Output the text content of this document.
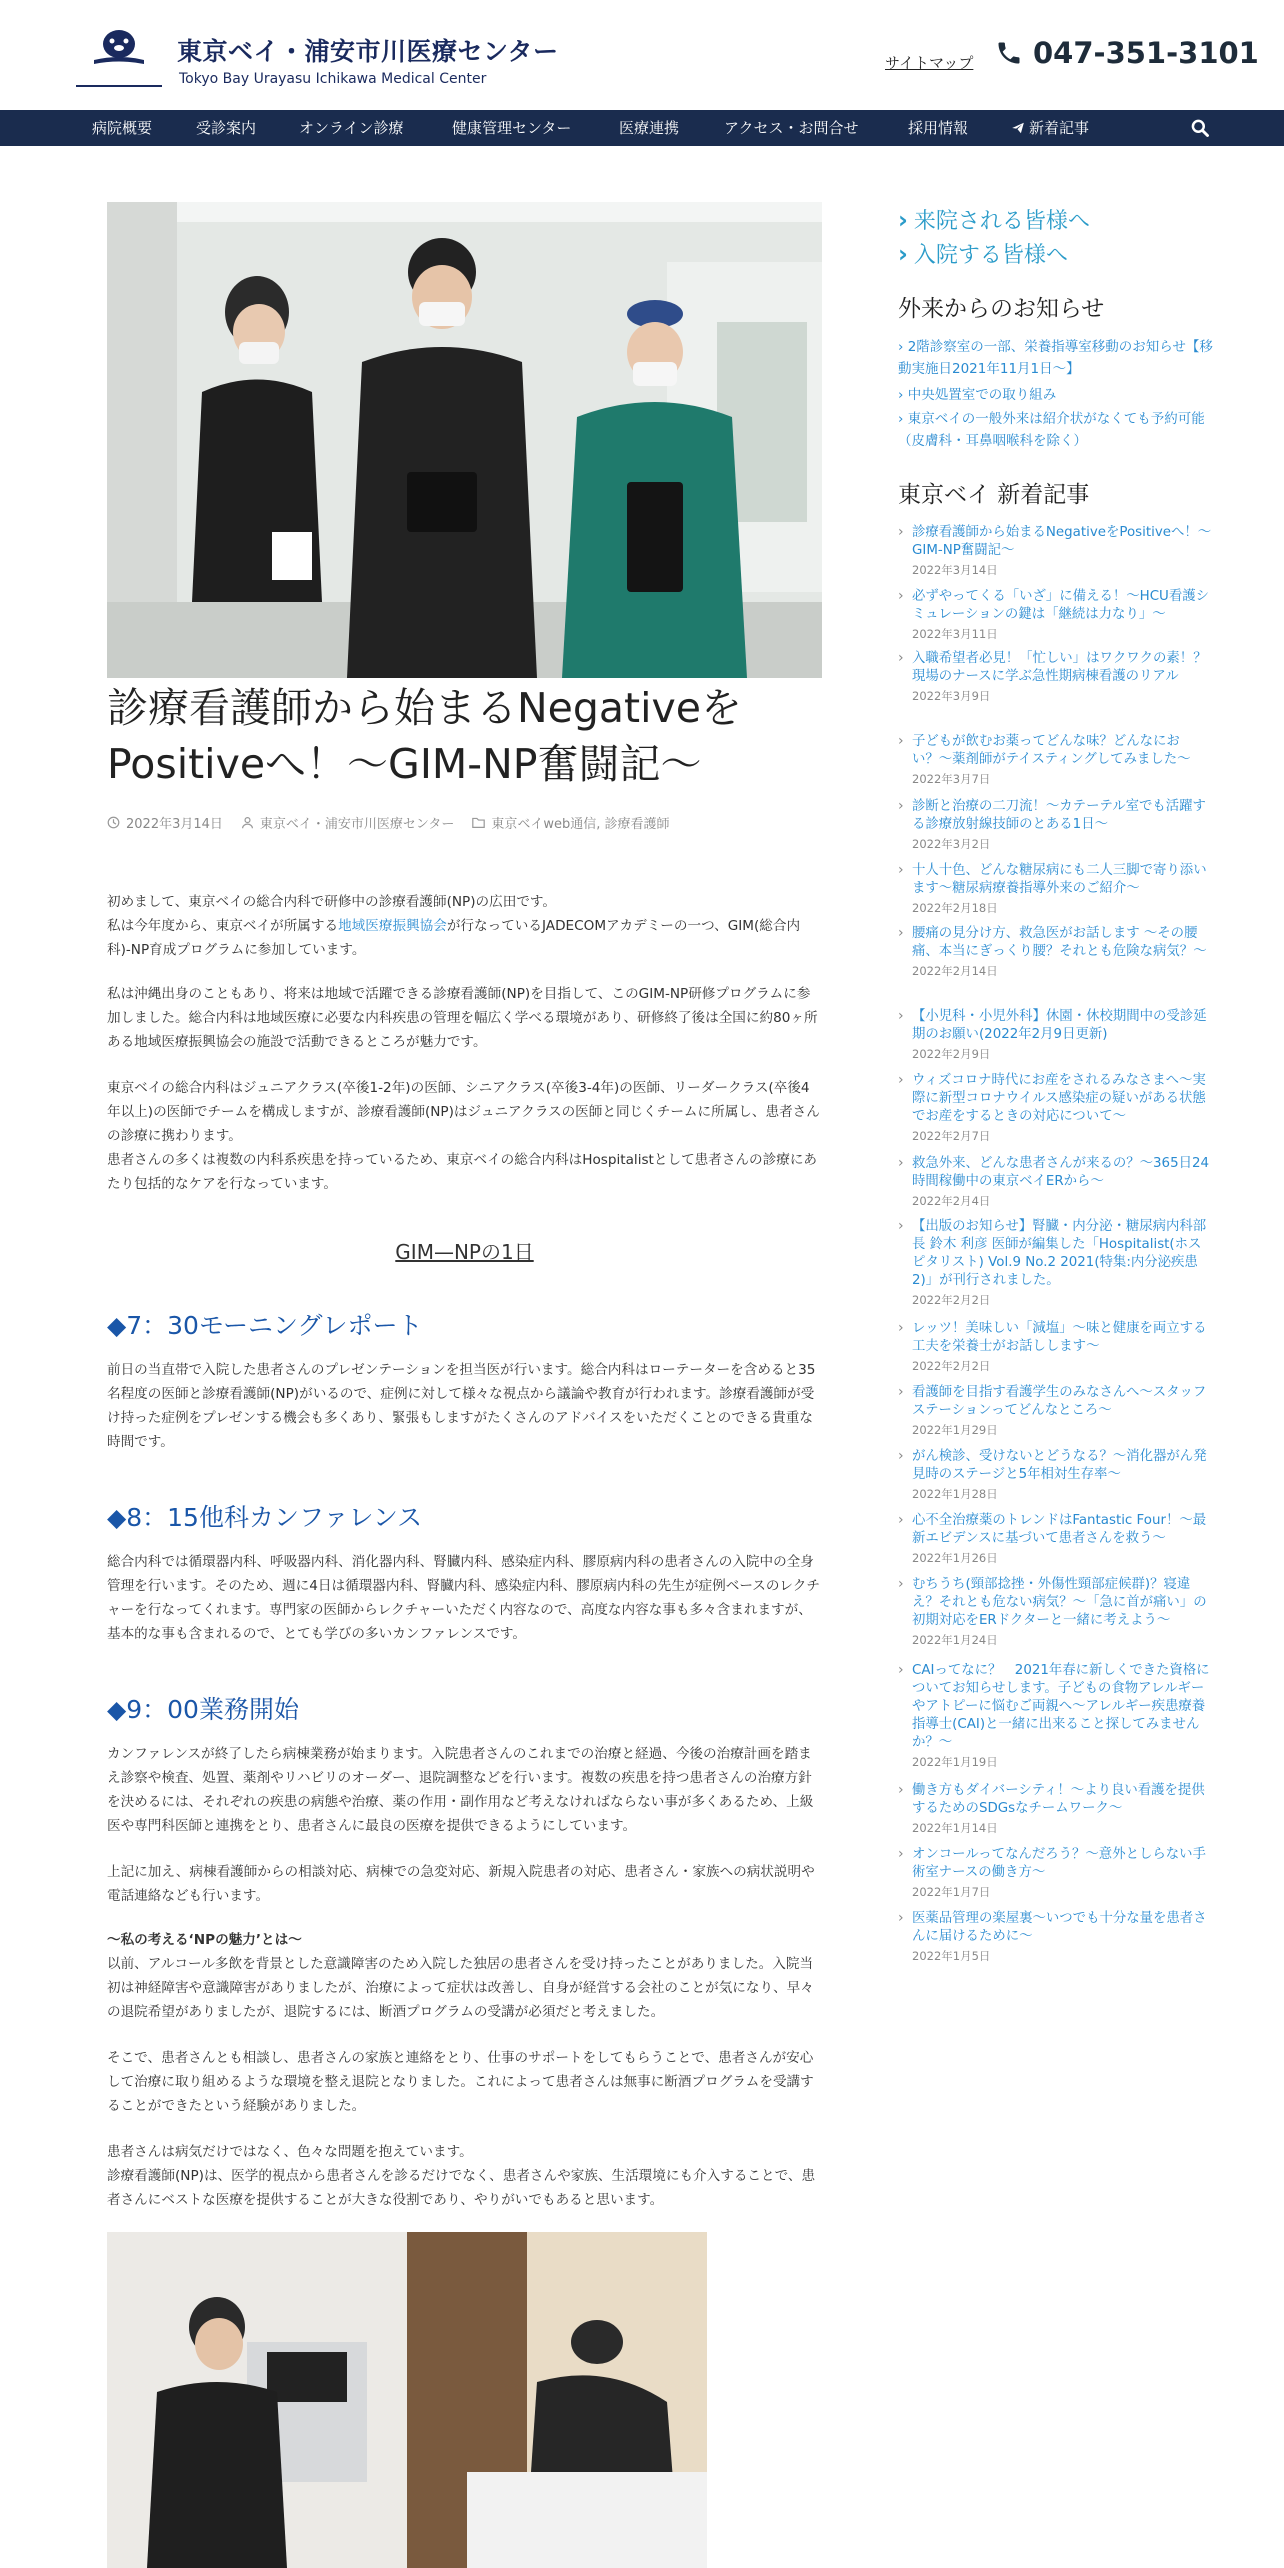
東京ベイ・浦安市川医療センター
Tokyo Bay Urayasu Ichikawa Medical Center
サイトマップ 047-351-3101
病院概要	受診案内	オンライン診療	健康管理センター	医療連携	アクセス・お問合せ	採用情報	新着記事
診療看護師から始まるNegativeをPositiveへ！〜GIM-NP奮闘記〜
2022年3月14日	東京ベイ・浦安市川医療センター	東京ベイweb通信, 診療看護師
初めまして、東京ベイの総合内科で研修中の診療看護師(NP)の広田です。
私は今年度から、東京ベイが所属する地域医療振興協会が行なっているJADECOMアカデミーの一つ、GIM(総合内科)-NP育成プログラムに参加しています。
私は沖縄出身のこともあり、将来は地域で活躍できる診療看護師(NP)を目指して、このGIM-NP研修プログラムに参加しました。総合内科は地域医療に必要な内科疾患の管理を幅広く学べる環境があり、研修終了後は全国に約80ヶ所ある地域医療振興協会の施設で活動できるところが魅力です。
東京ベイの総合内科はジュニアクラス(卒後1-2年)の医師、シニアクラス(卒後3-4年)の医師、リーダークラス(卒後4年以上)の医師でチームを構成しますが、診療看護師(NP)はジュニアクラスの医師と同じくチームに所属し、患者さんの診療に携わります。
患者さんの多くは複数の内科系疾患を持っているため、東京ベイの総合内科はHospitalistとして患者さんの診療にあたり包括的なケアを行なっています。
GIM—NPの1日
◆7：30モーニングレポート
前日の当直帯で入院した患者さんのプレゼンテーションを担当医が行います。総合内科はローテーターを含めると35名程度の医師と診療看護師(NP)がいるので、症例に対して様々な視点から議論や教育が行われます。診療看護師が受け持った症例をプレゼンする機会も多くあり、緊張もしますがたくさんのアドバイスをいただくことのできる貴重な時間です。
◆8：15他科カンファレンス
総合内科では循環器内科、呼吸器内科、消化器内科、腎臓内科、感染症内科、膠原病内科の患者さんの入院中の全身管理を行います。そのため、週に4日は循環器内科、腎臓内科、感染症内科、膠原病内科の先生が症例ベースのレクチャーを行なってくれます。専門家の医師からレクチャーいただく内容なので、高度な内容な事も多々含まれますが、基本的な事も含まれるので、とても学びの多いカンファレンスです。
◆9：00業務開始
カンファレンスが終了したら病棟業務が始まります。入院患者さんのこれまでの治療と経過、今後の治療計画を踏まえ診察や検査、処置、薬剤やリハビリのオーダー、退院調整などを行います。複数の疾患を持つ患者さんの治療方針を決めるには、それぞれの疾患の病態や治療、薬の作用・副作用など考えなければならない事が多くあるため、上級医や専門科医師と連携をとり、患者さんに最良の医療を提供できるようにしています。
上記に加え、病棟看護師からの相談対応、病棟での急変対応、新規入院患者の対応、患者さん・家族への病状説明や電話連絡なども行います。
〜私の考える‘NPの魅力’とは〜
以前、アルコール多飲を背景とした意識障害のため入院した独居の患者さんを受け持ったことがありました。入院当初は神経障害や意識障害がありましたが、治療によって症状は改善し、自身が経営する会社のことが気になり、早々の退院希望がありましたが、退院するには、断酒プログラムの受講が必須だと考えました。
そこで、患者さんとも相談し、患者さんの家族と連絡をとり、仕事のサポートをしてもらうことで、患者さんが安心して治療に取り組めるような環境を整え退院となりました。これによって患者さんは無事に断酒プログラムを受講することができたという経験がありました。
患者さんは病気だけではなく、色々な問題を抱えています。
診療看護師(NP)は、医学的視点から患者さんを診るだけでなく、患者さんや家族、生活環境にも介入することで、患者さんにベストな医療を提供することが大きな役割であり、やりがいでもあると思います。
› 来院される皆様へ
› 入院する皆様へ
外来からのお知らせ
› 2階診察室の一部、栄養指導室移動のお知らせ【移動実施日2021年11月1日〜】
› 中央処置室での取り組み
› 東京ベイの一般外来は紹介状がなくても予約可能（皮膚科・耳鼻咽喉科を除く）
東京ベイ 新着記事
› 診療看護師から始まるNegativeをPositiveへ！〜GIM-NP奮闘記〜
2022年3月14日
› 必ずやってくる「いざ」に備える！〜HCU看護シミュレーションの鍵は「継続は力なり」〜
2022年3月11日
› 入職希望者必見！「忙しい」はワクワクの素！？現場のナースに学ぶ急性期病棟看護のリアル
2022年3月9日
› 子どもが飲むお薬ってどんな味？どんなにおい？〜薬剤師がテイスティングしてみました〜
2022年3月7日
› 診断と治療の二刀流！〜カテーテル室でも活躍する診療放射線技師のとある1日〜
2022年3月2日
› 十人十色、どんな糖尿病にも二人三脚で寄り添います〜糖尿病療養指導外来のご紹介〜
2022年2月18日
› 腰痛の見分け方、救急医がお話します 〜その腰痛、本当にぎっくり腰？それとも危険な病気？〜
2022年2月14日
› 【小児科・小児外科】休園・休校期間中の受診延期のお願い(2022年2月9日更新)
2022年2月9日
› ウィズコロナ時代にお産をされるみなさまへ〜実際に新型コロナウイルス感染症の疑いがある状態でお産をするときの対応について〜
2022年2月7日
› 救急外来、どんな患者さんが来るの？〜365日24時間稼働中の東京ベイERから〜
2022年2月4日
› 【出版のお知らせ】腎臓・内分泌・糖尿病内科部長 鈴木 利彦 医師が編集した「Hospitalist(ホスピタリスト) Vol.9 No.2 2021(特集:内分泌疾患2)」が刊行されました。
2022年2月2日
› レッツ！美味しい「減塩」〜味と健康を両立する工夫を栄養士がお話しします〜
2022年2月2日
› 看護師を目指す看護学生のみなさんへ〜スタッフステーションってどんなところ〜
2022年1月29日
› がん検診、受けないとどうなる？〜消化器がん発見時のステージと5年相対生存率〜
2022年1月28日
› 心不全治療薬のトレンドはFantastic Four！〜最新エビデンスに基づいて患者さんを救う〜
2022年1月26日
› むちうち(頸部捻挫・外傷性頸部症候群)？寝違え？それとも危ない病気？〜「急に首が痛い」の初期対応をERドクターと一緒に考えよう〜
2022年1月24日
› CAIってなに？　2021年春に新しくできた資格についてお知らせします。子どもの食物アレルギーやアトピーに悩むご両親へ〜アレルギー疾患療養指導士(CAI)と一緒に出来ること探してみませんか？〜
2022年1月19日
› 働き方もダイバーシティ！〜より良い看護を提供するためのSDGsなチームワーク〜
2022年1月14日
› オンコールってなんだろう？〜意外としらない手術室ナースの働き方〜
2022年1月7日
› 医薬品管理の楽屋裏〜いつでも十分な量を患者さんに届けるために〜
2022年1月5日
